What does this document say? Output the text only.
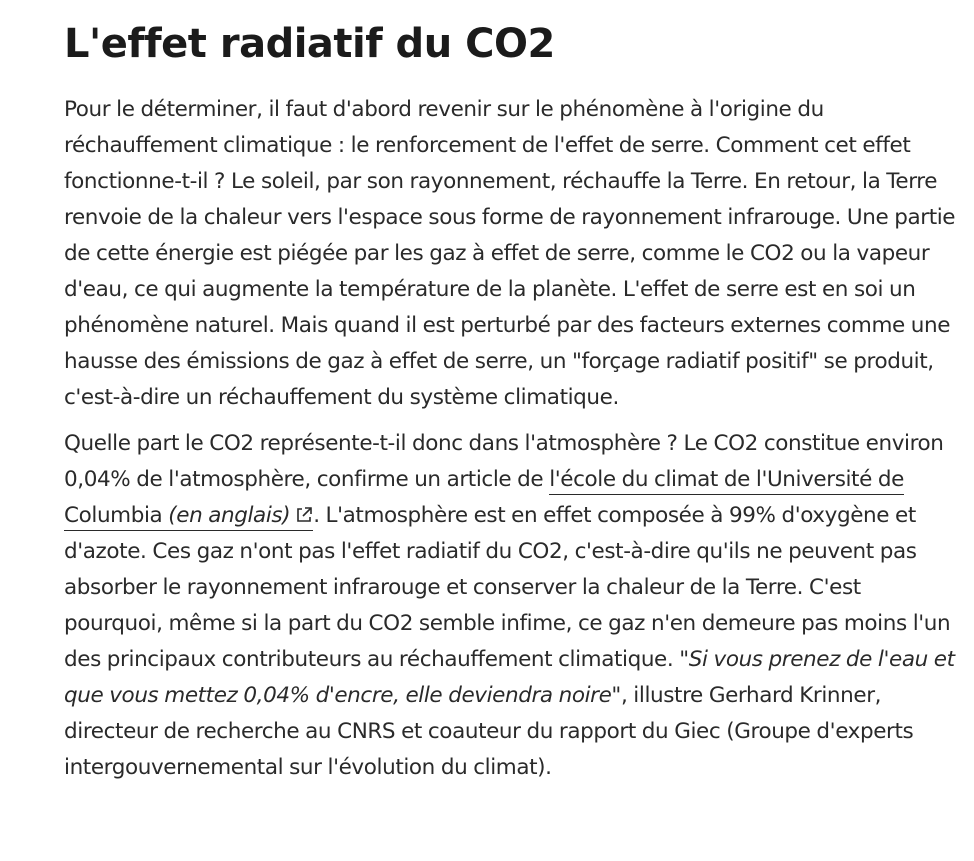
L'effet radiatif du CO2

Pour le déterminer, il faut d'abord revenir sur le phénomène à l'origine du réchauffement climatique : le renforcement de l'effet de serre. Comment cet effet fonctionne-t-il ? Le soleil, par son rayonnement, réchauffe la Terre. En retour, la Terre renvoie de la chaleur vers l'espace sous forme de rayonnement infrarouge. Une partie de cette énergie est piégée par les gaz à effet de serre, comme le CO2 ou la vapeur d'eau, ce qui augmente la température de la planète. L'effet de serre est en soi un phénomène naturel. Mais quand il est perturbé par des facteurs externes comme une hausse des émissions de gaz à effet de serre, un "forçage radiatif positif" se produit, c'est-à-dire un réchauffement du système climatique.

Quelle part le CO2 représente-t-il donc dans l'atmosphère ? Le CO2 constitue environ 0,04% de l'atmosphère, confirme un article de l'école du climat de l'Université de Columbia (en anglais) . L'atmosphère est en effet composée à 99% d'oxygène et d'azote. Ces gaz n'ont pas l'effet radiatif du CO2, c'est-à-dire qu'ils ne peuvent pas absorber le rayonnement infrarouge et conserver la chaleur de la Terre. C'est pourquoi, même si la part du CO2 semble infime, ce gaz n'en demeure pas moins l'un des principaux contributeurs au réchauffement climatique. "Si vous prenez de l'eau et que vous mettez 0,04% d'encre, elle deviendra noire", illustre Gerhard Krinner, directeur de recherche au CNRS et coauteur du rapport du Giec (Groupe d'experts intergouvernemental sur l'évolution du climat).
